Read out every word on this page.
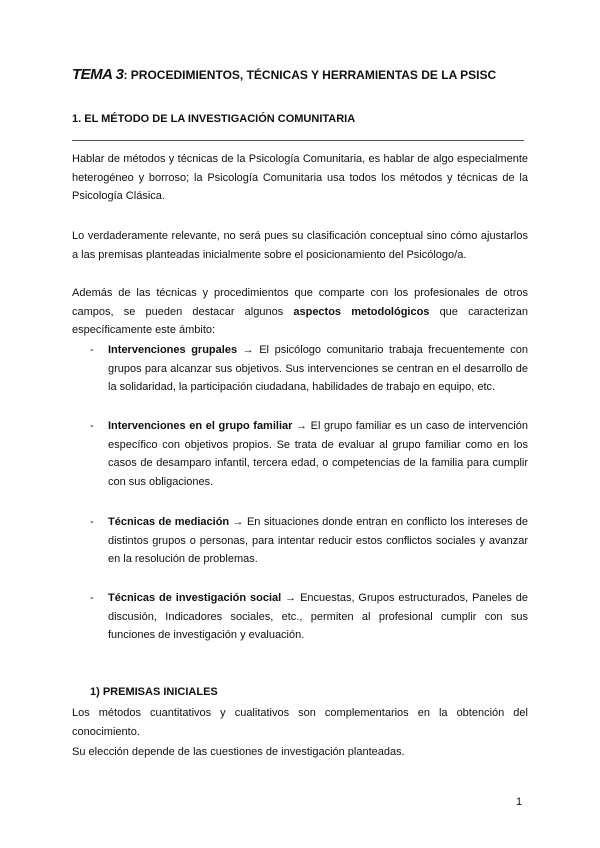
TEMA 3: PROCEDIMIENTOS, TÉCNICAS Y HERRAMIENTAS DE LA PSISC
1. EL MÉTODO DE LA INVESTIGACIÓN COMUNITARIA

Hablar de métodos y técnicas de la Psicología Comunitaria, es hablar de algo especialmente heterogéneo y borroso; la Psicología Comunitaria usa todos los métodos y técnicas de la Psicología Clásica.

Lo verdaderamente relevante, no será pues su clasificación conceptual sino cómo ajustarlos a las premisas planteadas inicialmente sobre el posicionamiento del Psicólogo/a.

Además de las técnicas y procedimientos que comparte con los profesionales de otros campos, se pueden destacar algunos aspectos metodológicos que caracterizan específicamente este ámbito:

- Intervenciones grupales → El psicólogo comunitario trabaja frecuentemente con grupos para alcanzar sus objetivos. Sus intervenciones se centran en el desarrollo de la solidaridad, la participación ciudadana, habilidades de trabajo en equipo, etc.
- Intervenciones en el grupo familiar → El grupo familiar es un caso de intervención específico con objetivos propios. Se trata de evaluar al grupo familiar como en los casos de desamparo infantil, tercera edad, o competencias de la familia para cumplir con sus obligaciones.
- Técnicas de mediación → En situaciones donde entran en conflicto los intereses de distintos grupos o personas, para intentar reducir estos conflictos sociales y avanzar en la resolución de problemas.
- Técnicas de investigación social → Encuestas, Grupos estructurados, Paneles de discusión, Indicadores sociales, etc., permiten al profesional cumplir con sus funciones de investigación y evaluación.
1) PREMISAS INICIALES

Los métodos cuantitativos y cualitativos son complementarios en la obtención del conocimiento.

Su elección depende de las cuestiones de investigación planteadas.

1
